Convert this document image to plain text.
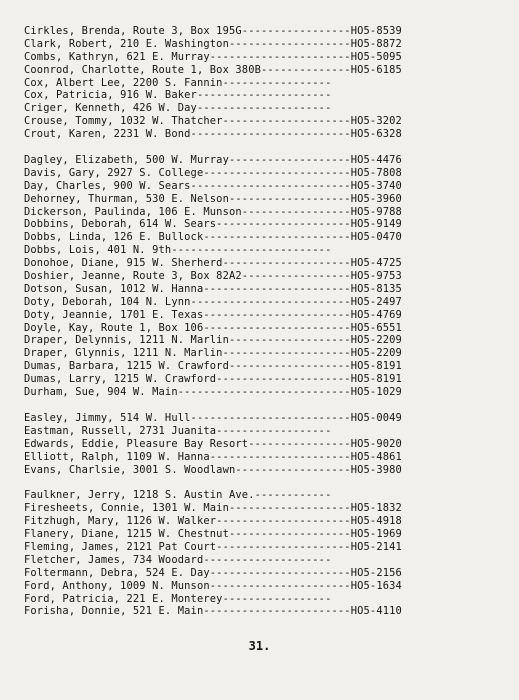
Cirkles, Brenda, Route 3, Box 195G-----------------HO5-8539
Clark, Robert, 210 E. Washington-------------------HO5-8872
Combs, Kathryn, 621 E. Murray----------------------HO5-5095
Coonrod, Charlotte, Route 1, Box 380B--------------HO5-6185
Cox, Albert Lee, 2200 S. Fannin-----------------
Cox, Patricia, 916 W. Baker---------------------
Criger, Kenneth, 426 W. Day---------------------
Crouse, Tommy, 1032 W. Thatcher--------------------HO5-3202
Crout, Karen, 2231 W. Bond-------------------------HO5-6328
Dagley, Elizabeth, 500 W. Murray-------------------HO5-4476
Davis, Gary, 2927 S. College-----------------------HO5-7808
Day, Charles, 900 W. Sears-------------------------HO5-3740
Dehorney, Thurman, 530 E. Nelson-------------------HO5-3960
Dickerson, Paulinda, 106 E. Munson-----------------HO5-9788
Dobbins, Deborah, 614 W. Sears---------------------HO5-9149
Dobbs, Linda, 126 E. Bullock-----------------------HO5-0470
Dobbs, Lois, 401 N. 9th-------------------------
Donohoe, Diane, 915 W. Sherherd--------------------HO5-4725
Doshier, Jeanne, Route 3, Box 82A2-----------------HO5-9753
Dotson, Susan, 1012 W. Hanna-----------------------HO5-8135
Doty, Deborah, 104 N. Lynn-------------------------HO5-2497
Doty, Jeannie, 1701 E. Texas-----------------------HO5-4769
Doyle, Kay, Route 1, Box 106-----------------------HO5-6551
Draper, Delynnis, 1211 N. Marlin-------------------HO5-2209
Draper, Glynnis, 1211 N. Marlin--------------------HO5-2209
Dumas, Barbara, 1215 W. Crawford-------------------HO5-8191
Dumas, Larry, 1215 W. Crawford---------------------HO5-8191
Durham, Sue, 904 W. Main---------------------------HO5-1029
Easley, Jimmy, 514 W. Hull-------------------------HO5-0049
Eastman, Russell, 2731 Juanita------------------
Edwards, Eddie, Pleasure Bay Resort----------------HO5-9020
Elliott, Ralph, 1109 W. Hanna----------------------HO5-4861
Evans, Charlsie, 3001 S. Woodlawn------------------HO5-3980
Faulkner, Jerry, 1218 S. Austin Ave.------------
Firesheets, Connie, 1301 W. Main-------------------HO5-1832
Fitzhugh, Mary, 1126 W. Walker---------------------HO5-4918
Flanery, Diane, 1215 W. Chestnut-------------------HO5-1969
Fleming, James, 2121 Pat Court---------------------HO5-2141
Fletcher, James, 734 Woodard--------------------
Foltermann, Debra, 524 E. Day----------------------HO5-2156
Ford, Anthony, 1009 N. Munson----------------------HO5-1634
Ford, Patricia, 221 E. Monterey-----------------
Forisha, Donnie, 521 E. Main-----------------------HO5-4110
31.
